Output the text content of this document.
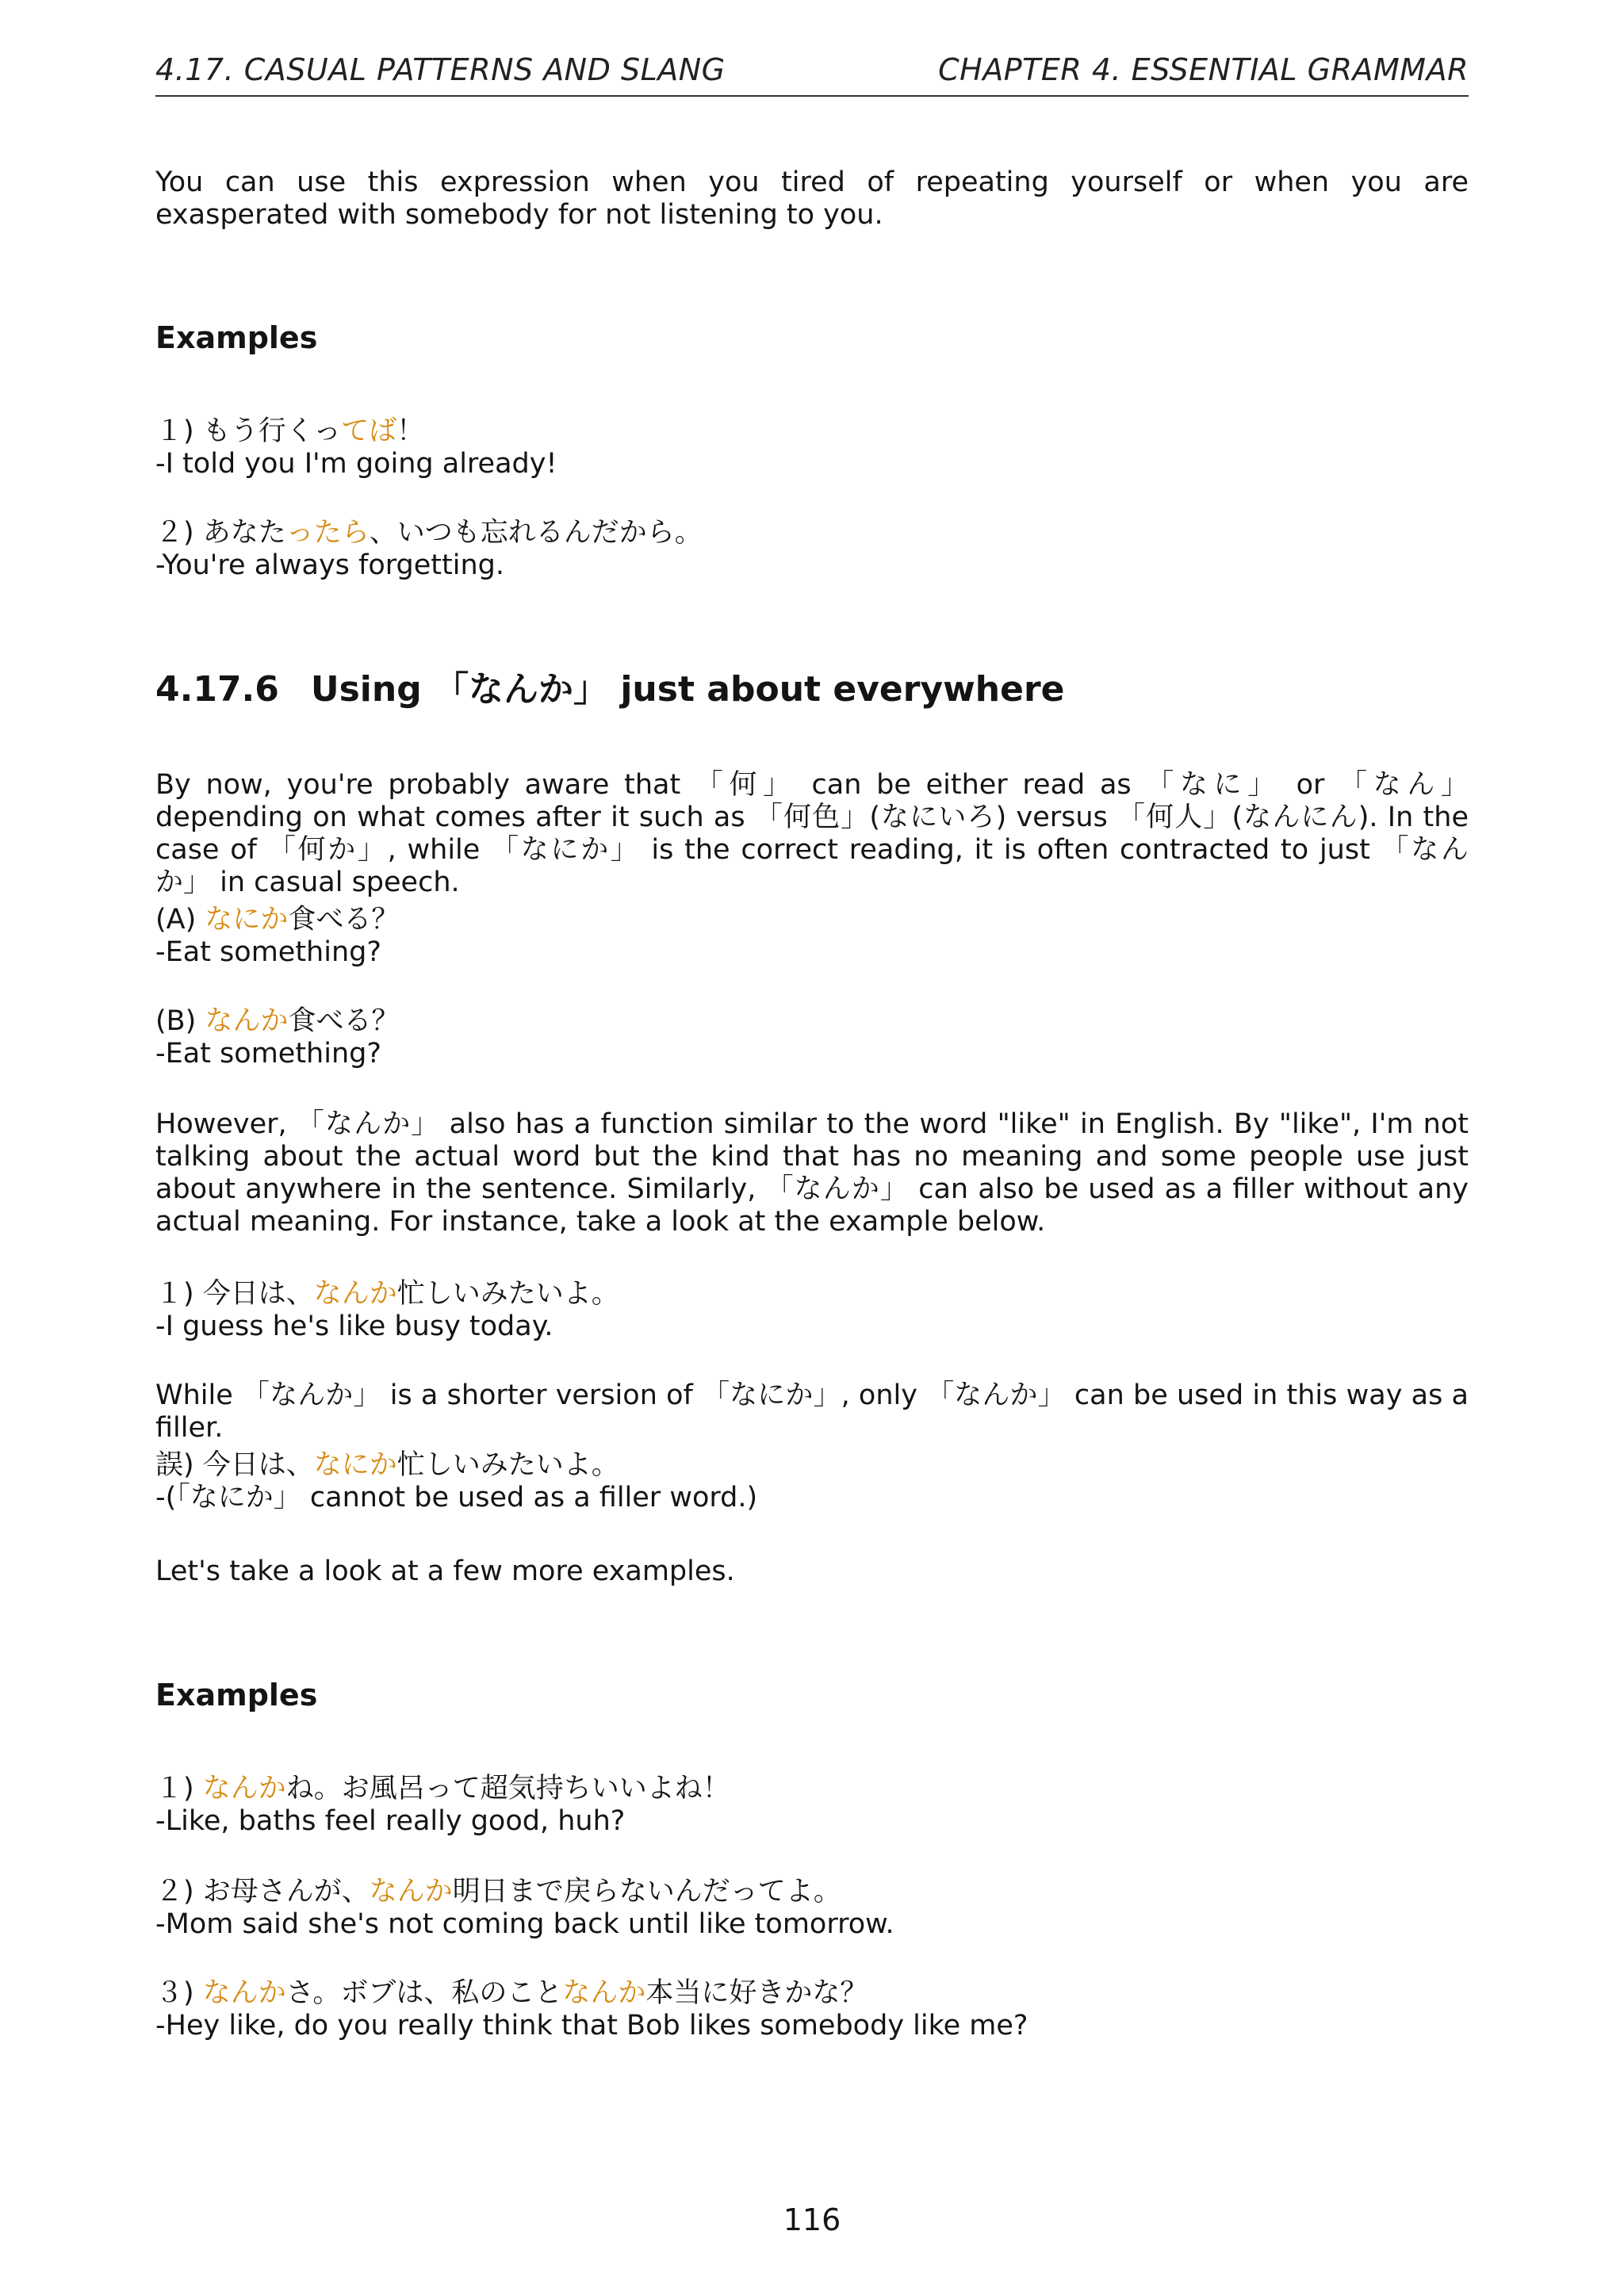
4.17. CASUAL PATTERNS AND SLANG	CHAPTER 4. ESSENTIAL GRAMMAR
You can use this expression when you tired of repeating yourself or when you are exasperated with somebody for not listening to you.
Examples
１) もう行くってば！
-I told you I'm going already!
２) あなたったら、いつも忘れるんだから。
-You're always forgetting.
4.17.6 Using 「なんか」 just about everywhere
By now, you're probably aware that 「何」 can be either read as 「なに」 or 「なん」 depending on what comes after it such as 「何色」(なにいろ) versus 「何人」(なんにん). In the case of 「何か」, while 「なにか」 is the correct reading, it is often contracted to just 「なんか」 in casual speech.
(A) なにか食べる？
-Eat something?
(B) なんか食べる？
-Eat something?
However, 「なんか」 also has a function similar to the word "like" in English. By "like", I'm not talking about the actual word but the kind that has no meaning and some people use just about anywhere in the sentence. Similarly, 「なんか」 can also be used as a filler without any actual meaning. For instance, take a look at the example below.
１) 今日は、なんか忙しいみたいよ。
-I guess he's like busy today.
While 「なんか」 is a shorter version of 「なにか」, only 「なんか」 can be used in this way as a filler.
誤) 今日は、なにか忙しいみたいよ。
-(「なにか」 cannot be used as a filler word.)
Let's take a look at a few more examples.
Examples
１) なんかね。お風呂って超気持ちいいよね！
-Like, baths feel really good, huh?
２) お母さんが、なんか明日まで戻らないんだってよ。
-Mom said she's not coming back until like tomorrow.
３) なんかさ。ボブは、私のことなんか本当に好きかな？
-Hey like, do you really think that Bob likes somebody like me?
116
